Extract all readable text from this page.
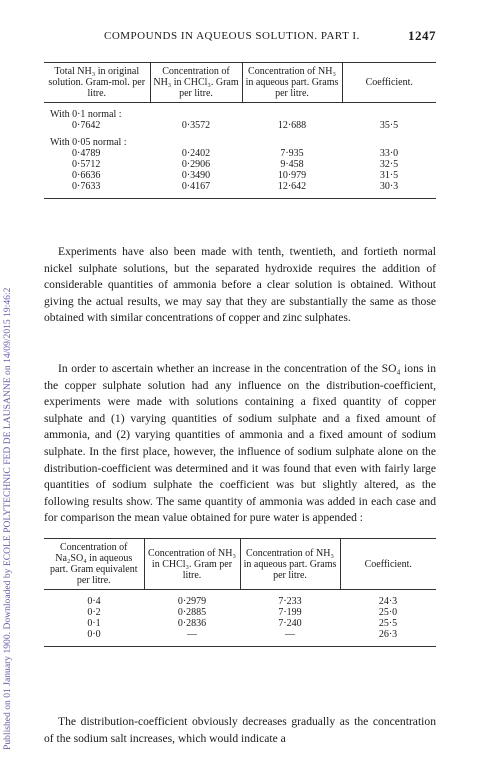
Published on 01 January 1900. Downloaded by ECOLE POLYTECHNIC FED DE LAUSANNE on 14/09/2015 19:46:2
COMPOUNDS IN AQUEOUS SOLUTION. PART I.	1247
Total NH₃ in original solution. Gram-mol. per litre.	Concentration of NH₃ in CHCl₃. Gram per litre.	Concentration of NH₃ in aqueous part. Grams per litre.	Coefficient.

With 0·1 normal :			
0·7642	0·3572	12·688	35·5

With 0·05 normal :			
0·4789	0·2402	7·935	33·0
0·5712	0·2906	9·458	32·5
0·6636	0·3490	10·979	31·5
0·7633	0·4167	12·642	30·3

Experiments have also been made with tenth, twentieth, and fortieth normal nickel sulphate solutions, but the separated hydroxide requires the addition of considerable quantities of ammonia before a clear solution is obtained. Without giving the actual results, we may say that they are substantially the same as those obtained with similar concentrations of copper and zinc sulphates.

In order to ascertain whether an increase in the concentration of the SO₄ ions in the copper sulphate solution had any influence on the distribution-coefficient, experiments were made with solutions containing a fixed quantity of copper sulphate and (1) varying quantities of sodium sulphate and a fixed amount of ammonia, and (2) varying quantities of ammonia and a fixed amount of sodium sulphate. In the first place, however, the influence of sodium sulphate alone on the distribution-coefficient was determined and it was found that even with fairly large quantities of sodium sulphate the coefficient was but slightly altered, as the following results show. The same quantity of ammonia was added in each case and for comparison the mean value obtained for pure water is appended :

Concentration of Na₂SO₄ in aqueous part. Gram equivalent per litre.	Concentration of NH₃ in CHCl₃. Gram per litre.	Concentration of NH₃ in aqueous part. Grams per litre.	Coefficient.

0·4	0·2979	7·233	24·3
0·2	0·2885	7·199	25·0
0·1	0·2836	7·240	25·5
0·0	—	—	26·3

The distribution-coefficient obviously decreases gradually as the concentration of the sodium salt increases, which would indicate a
